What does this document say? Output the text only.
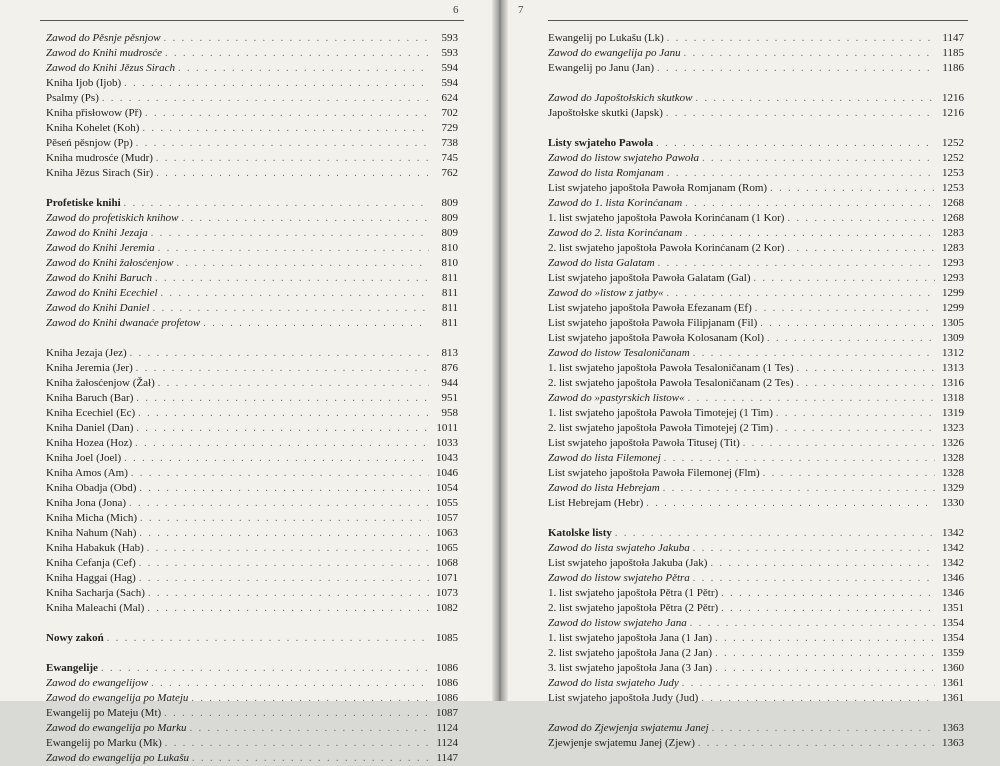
6
Zawod do Pěsnje pěsnjow . . .	593
Zawod do Knihi mudrosće . . .	593
Zawod do Knihi Jězus Sirach . . .	594
Kniha Ijob (Ijob) . . .	594
Psalmy (Ps) . . .	624
Kniha přisłowow (Př) . . .	702
Kniha Kohelet (Koh) . . .	729
Pěseń pěsnjow (Pp) . . .	738
Kniha mudrosće (Mudr) . . .	745
Kniha Jězus Sirach (Sir) . . .	762
Profetiske knihi . . .	809
Zawod do profetiskich knihow . . .	809
Zawod do Knihi Jezaja . . .	809
Zawod do Knihi Jeremia . . .	810
Zawod do Knihi žałosćenjow . . .	810
Zawod do Knihi Baruch . . .	811
Zawod do Knihi Ecechiel . . .	811
Zawod do Knihi Daniel . . .	811
Zawod do Knihi dwanaće profetow . . .	811
Kniha Jezaja (Jez) . . .	813
Kniha Jeremia (Jer) . . .	876
Kniha žałosćenjow (Žał) . . .	944
Kniha Baruch (Bar) . . .	951
Kniha Ecechiel (Ec) . . .	958
Kniha Daniel (Dan) . . .	1011
Kniha Hozea (Hoz) . . .	1033
Kniha Joel (Joel) . . .	1043
Kniha Amos (Am) . . .	1046
Kniha Obadja (Obd) . . .	1054
Kniha Jona (Jona) . . .	1055
Kniha Micha (Mich) . . .	1057
Kniha Nahum (Nah) . . .	1063
Kniha Habakuk (Hab) . . .	1065
Kniha Cefanja (Cef) . . .	1068
Kniha Haggai (Hag) . . .	1071
Kniha Sacharja (Sach) . . .	1073
Kniha Maleachi (Mal) . . .	1082
Nowy zakoń . . .	1085
Ewangelije . . .	1086
Zawod do ewangelijow . . .	1086
Zawod do ewangelija po Mateju . . .	1086
Ewangelij po Mateju (Mt) . . .	1087
Zawod do ewangelija po Marku . . .	1124
Ewangelij po Marku (Mk) . . .	1124
Zawod do ewangelija po Lukašu . . .	1147
7
Ewangelij po Lukašu (Lk) . . .	1147
Zawod do ewangelija po Janu . . .	1185
Ewangelij po Janu (Jan) . . .	1186
Zawod do Japoštołskich skutkow . . .	1216
Japoštołske skutki (Japsk) . . .	1216
Listy swjateho Pawoła . . .	1252
Zawod do listow swjateho Pawoła . . .	1252
Zawod do lista Romjanam . . .	1253
List swjateho japoštoła Pawoła Romjanam (Rom) . . .	1253
Zawod do 1. lista Korinćanam . . .	1268
1. list swjateho japoštoła Pawoła Korinćanam (1 Kor) . . .	1268
Zawod do 2. lista Korinćanam . . .	1283
2. list swjateho japoštoła Pawoła Korinćanam (2 Kor) . . .	1283
Zawod do lista Galatam . . .	1293
List swjateho japoštoła Pawoła Galatam (Gal) . . .	1293
Zawod do »listow z jatby« . . .	1299
List swjateho japoštoła Pawoła Efezanam (Ef) . . .	1299
List swjateho japoštoła Pawoła Filipjanam (Fil) . . .	1305
List swjateho japoštoła Pawoła Kolosanam (Kol) . . .	1309
Zawod do listow Tesaloničanam . . .	1312
1. list swjateho japoštoła Pawoła Tesaloničanam (1 Tes) . . .	1313
2. list swjateho japoštoła Pawoła Tesaloničanam (2 Tes) . . .	1316
Zawod do »pastyrskich listow« . . .	1318
1. list swjateho japoštoła Pawoła Timotejej (1 Tim) . . .	1319
2. list swjateho japoštoła Pawoła Timotejej (2 Tim) . . .	1323
List swjateho japoštoła Pawoła Titusej (Tit) . . .	1326
Zawod do lista Filemonej . . .	1328
List swjateho japoštoła Pawoła Filemonej (Flm) . . .	1328
Zawod do lista Hebrejam . . .	1329
List Hebrejam (Hebr) . . .	1330
Katolske listy . . .	1342
Zawod do lista swjateho Jakuba . . .	1342
List swjateho japoštoła Jakuba (Jak) . . .	1342
Zawod do listow swjateho Pětra . . .	1346
1. list swjateho japoštoła Pětra (1 Pětr) . . .	1346
2. list swjateho japoštoła Pětra (2 Pětr) . . .	1351
Zawod do listow swjateho Jana . . .	1354
1. list swjateho japoštoła Jana (1 Jan) . . .	1354
2. list swjateho japoštoła Jana (2 Jan) . . .	1359
3. list swjateho japoštoła Jana (3 Jan) . . .	1360
Zawod do lista swjateho Judy . . .	1361
List swjateho japoštoła Judy (Jud) . . .	1361
Zawod do Zjewjenja swjatemu Janej . . .	1363
Zjewjenje swjatemu Janej (Zjew) . . .	1363
